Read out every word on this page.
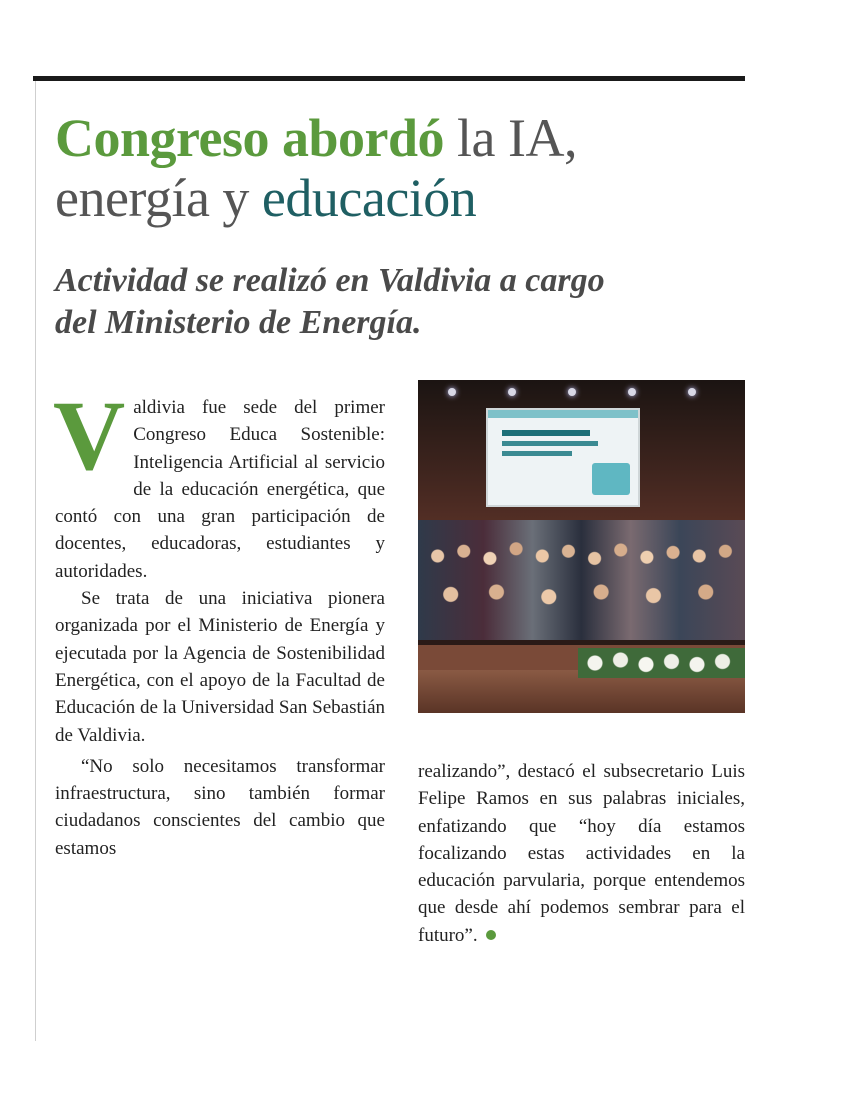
Congreso abordó la IA,
energía y educación
Actividad se realizó en Valdivia a cargo
del Ministerio de Energía.

Valdivia fue sede del primer Congreso Educa Sostenible: Inteligencia Artificial al servicio de la educación energética, que contó con una gran participación de docentes, educadoras, estudiantes y autoridades.

Se trata de una iniciativa pionera organizada por el Ministerio de Energía y ejecutada por la Agencia de Sostenibilidad Energética, con el apoyo de la Facultad de Educación de la Universidad San Sebastián de Valdivia.

“No solo necesitamos transformar infraestructura, sino también formar ciudadanos conscientes del cambio que estamos

realizando”, destacó el subsecretario Luis Felipe Ramos en sus palabras iniciales, enfatizando que “hoy día estamos focalizando estas actividades en la educación parvularia, porque entendemos que desde ahí podemos sembrar para el futuro”.
